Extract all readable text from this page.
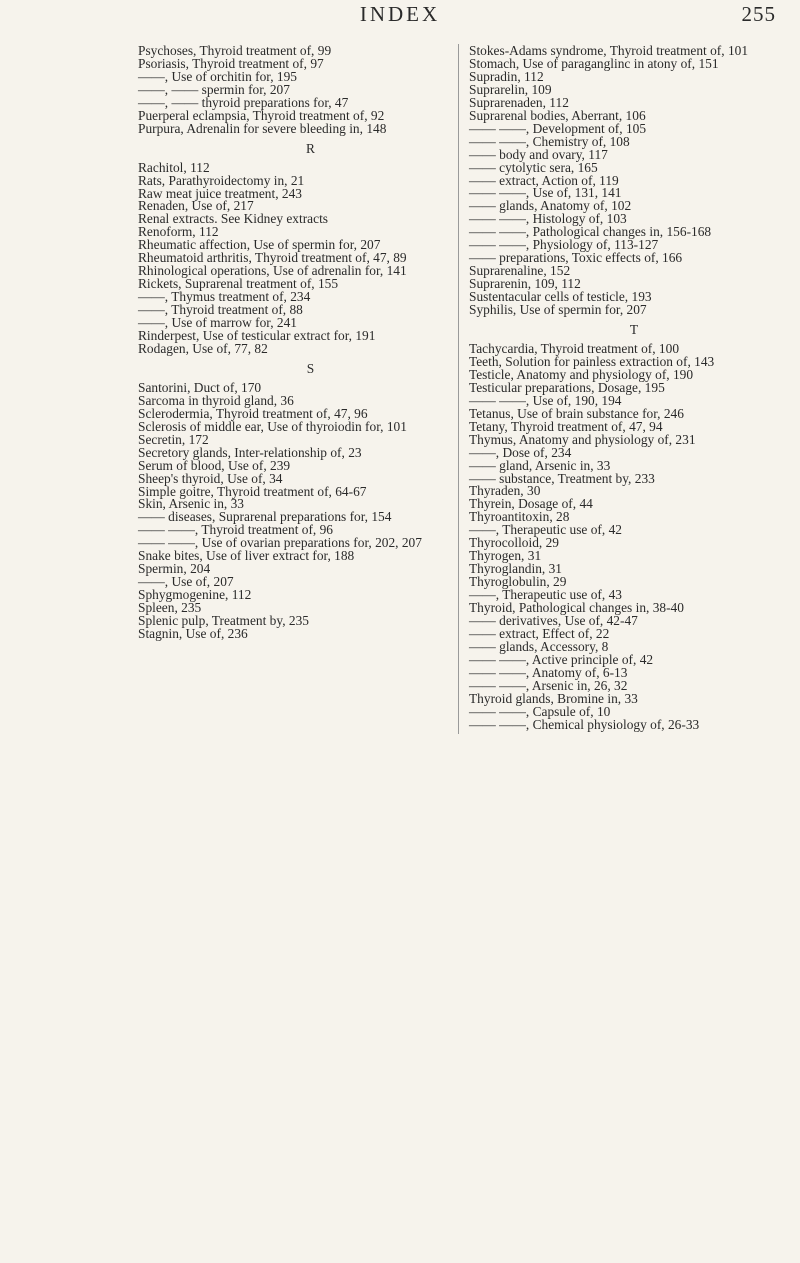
INDEX	255
Psychoses, Thyroid treatment of, 99
Psoriasis, Thyroid treatment of, 97
——, Use of orchitin for, 195
——, —— spermin for, 207
——, —— thyroid preparations for, 47
Puerperal eclampsia, Thyroid treatment of, 92
Purpura, Adrenalin for severe bleeding in, 148
R
Rachitol, 112
Rats, Parathyroidectomy in, 21
Raw meat juice treatment, 243
Renaden, Use of, 217
Renal extracts. See Kidney extracts
Renoform, 112
Rheumatic affection, Use of spermin for, 207
Rheumatoid arthritis, Thyroid treatment of, 47, 89
Rhinological operations, Use of adrenalin for, 141
Rickets, Suprarenal treatment of, 155
——, Thymus treatment of, 234
——, Thyroid treatment of, 88
——, Use of marrow for, 241
Rinderpest, Use of testicular extract for, 191
Rodagen, Use of, 77, 82
S
Santorini, Duct of, 170
Sarcoma in thyroid gland, 36
Sclerodermia, Thyroid treatment of, 47, 96
Sclerosis of middle ear, Use of thyroiodin for, 101
Secretin, 172
Secretory glands, Inter-relationship of, 23
Serum of blood, Use of, 239
Sheep's thyroid, Use of, 34
Simple goitre, Thyroid treatment of, 64-67
Skin, Arsenic in, 33
—— diseases, Suprarenal preparations for, 154
—— ——, Thyroid treatment of, 96
—— ——, Use of ovarian preparations for, 202, 207
Snake bites, Use of liver extract for, 188
Spermin, 204
——, Use of, 207
Sphygmogenine, 112
Spleen, 235
Splenic pulp, Treatment by, 235
Stagnin, Use of, 236
Stokes-Adams syndrome, Thyroid treatment of, 101
Stomach, Use of paraganglinc in atony of, 151
Supradin, 112
Suprarelin, 109
Suprarenaden, 112
Suprarenal bodies, Aberrant, 106
—— ——, Development of, 105
—— ——, Chemistry of, 108
—— body and ovary, 117
—— cytolytic sera, 165
—— extract, Action of, 119
—— ——, Use of, 131, 141
—— glands, Anatomy of, 102
—— ——, Histology of, 103
—— ——, Pathological changes in, 156-168
—— ——, Physiology of, 113-127
—— preparations, Toxic effects of, 166
Suprarenaline, 152
Suprarenin, 109, 112
Sustentacular cells of testicle, 193
Syphilis, Use of spermin for, 207
T
Tachycardia, Thyroid treatment of, 100
Teeth, Solution for painless extraction of, 143
Testicle, Anatomy and physiology of, 190
Testicular preparations, Dosage, 195
—— ——, Use of, 190, 194
Tetanus, Use of brain substance for, 246
Tetany, Thyroid treatment of, 47, 94
Thymus, Anatomy and physiology of, 231
——, Dose of, 234
—— gland, Arsenic in, 33
—— substance, Treatment by, 233
Thyraden, 30
Thyrein, Dosage of, 44
Thyroantitoxin, 28
——, Therapeutic use of, 42
Thyrocolloid, 29
Thyrogen, 31
Thyroglandin, 31
Thyroglobulin, 29
——, Therapeutic use of, 43
Thyroid, Pathological changes in, 38-40
—— derivatives, Use of, 42-47
—— extract, Effect of, 22
—— glands, Accessory, 8
—— ——, Active principle of, 42
—— ——, Anatomy of, 6-13
—— ——, Arsenic in, 26, 32
Thyroid glands, Bromine in, 33
—— ——, Capsule of, 10
—— ——, Chemical physiology of, 26-33
